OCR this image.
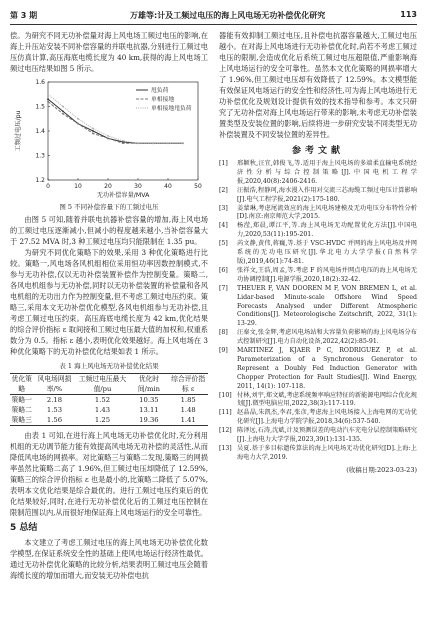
第 3 期	万雄等:计及工频过电压的海上风电场无功补偿优化研究	113

偿。为研究不同无功补偿量对海上风电场工频过电压的影响,在海上升压站安装不同补偿容量的并联电抗器,分别进行工频过电压仿真计算,高压海底电缆长度为 40 km,获得的海上风电场工频过电压结果如图 5 所示。

0	10	20	30	40	50
1.2
1.3
1.4
1.5
1.6
无功补偿容量/MVA
工频过电压/pu
甩负荷
单相接地
单相接地甩负荷
图 5 不同补偿容量下的工频过电压

由图 5 可知,随着并联电抗器补偿容量的增加,海上风电场的工频过电压逐渐减小,但减小的程度越来越小,当补偿容量大于 27.52 MVA 时,3 种工频过电压均只能限制在 1.35 pu。

为研究不同优化策略下的效果,采用 3 种优化策略进行比较。策略一,风电场各风机组相位采用恒功率因数控制模式,不参与无功补偿,仅以无功补偿装置补偿作为控制变量。策略二,各风电机组参与无功补偿,同时以无功补偿装置的补偿量和各风电机组的无功出力作为控制变量,但不考虑工频过电压约束。策略三,采用本文无功补偿优化模型,各风电机组参与无功补偿,且考虑工频过电压约束。高压海底电缆长度为 42 km,优化结果的综合评价指标 ε 取间接和工频过电压最大值的加权和,权重系数分为 0.5。指标 ε 越小,表明优化效果越好。海上风电场在 3 种优化策略下的无功补偿优化结果如表 1 所示。

表 1 海上风电场无功补偿优化结果
优化策略	风电场网损率/%	工频过电压最大值/pu	优化时间/min	综合评价指标 ε
策略一	2.18	1.52	10.35	1.85
策略二	1.53	1.43	13.11	1.48
策略三	1.56	1.25	19.36	1.41

由表 1 可知,在进行海上风电场无功补偿优化时,充分利用机组的无功调节能力能有效提高风电场无功补偿的灵活性,从而降低风电场的网损率。对比策略三与策略二发现,策略三的网损率虽然比策略二高了 1.96%,但工频过电压却降低了 12.59%,策略三的综合评价指标 ε 也是最小的,比策略二降低了 5.07%,表明本文优化结果是综合最优的。进行工频过电压约束后的优化结果较好,同时,在进行无功补偿优化后的工频过电压控制在限制范围以内,从而很好地保证海上风电场运行的安全可靠性。

5 总结

本文建立了考虑工频过电压的海上风电场无功补偿优化数学模型,在保证系统安全性的基础上使风电场运行经济性最优。通过无功补偿优化策略的比较分析,结果表明工频过电压会随着海缆长度的增加而增大,而安装无功补偿电抗

器能有效抑制工频过电压,且补偿电抗器容量越大,工频过电压越小。在对海上风电场进行无功补偿优化时,尚若不考虑工频过电压的限制,会造成优化后系统工频过电压超限值,严重影响海上风电场运行的安全可靠性。虽然本文优化策略的网损率增大了 1.96%,但工频过电压却有效降低了 12.59%。本文模型能有效保证风电场运行的安全性和经济性,可为海上风电场进行无功补偿优化及规划设计提供有效的技术指导和参考。本文只研究了无功补偿对海上风电场运行带来的影响,未考虑无功补偿装置类型及安装位置的影响,后续将进一步研究安装不同类型无功补偿装置及不同安装位置的差异性。

参考文献
[1] 邢颖秋,汪宜,韩俊飞,等.适用于海上风电场的多端柔直输电系统经济性分析与综合控制策略[J].中国电机工程学报,2020,40(8):2406-2416.
[2] 汪振浩,程静珂,海水漫入作用对交流三芯海缆工频过电压计算影响[J].电气工程学报,2021(2):175-180.
[3] 姜蒙琳,考虑尾流效应的海上风电场建模及无功电压分布特性分析[D].南京:南京师范大学,2015.
[4] 杨滢,郑晨,谭江平,等.海上风电场无功配置优化方法[J].中国电力,2020,53(11):195-201.
[5] 芮文静,黄伟,蒋巍,等.基于 VSC-HVDC 并网的海上风电场及并网系统的无功电压研究[J].华北电力大学学报(自然科学版),2019,46(1):74-81.
[6] 张祥文,王浩,周孟,等.考虑 F 的风电场并网点电压的海上风电场无功协调控制[J].电源学报,2020,18(2):32-42.
[7] THEUER F, VAN DOOREN M F, VON BREMEN L, et al. Lidar-based Minute-scale Offshore Wind Speed Forecasts Analysed under Different Atmospheric Conditions[J]. Meteorologische Zeitschrift, 2022, 31(1): 13-29.
[8] 汪秦文,张金辉,考虑风电场站和大容量负荷影响的海上风电场分布式控制研究[J].电力自动化设备,2022,42(2):85-91.
[9] MARTINEZ J, KJAER P C, RODRIGUEZ P, et al. Parameterization of a Synchronous Generator to Represent a Doubly Fed Induction Generator with Chopper Protection for Fault Studies[J]. Wind Energy, 2011, 14(1): 107-118.
[10] 付林,刘宇,郑文斌,考虑系统频率响应特征的新能源电网综合优化规划[J].微型电脑应用,2022,38(3):117-119.
[11] 赵晶晶,朱凯杰,李君,张彦,考虑海上风电场接入上海电网的无功优化研究[J].上海电力学院学报,2018,34(6):537-540.
[12] 陈泽远,石涛,沈斌,计及预测误差的电动汽车充电分层控制策略研究[J].上海电力大学学报,2023,39(1):131-135.
[13] 吴夏.基于多目标遗传算法的海上风电场无功优化研究[D].上海:上海电力大学,2019.
(收稿日期:2023-03-23)
